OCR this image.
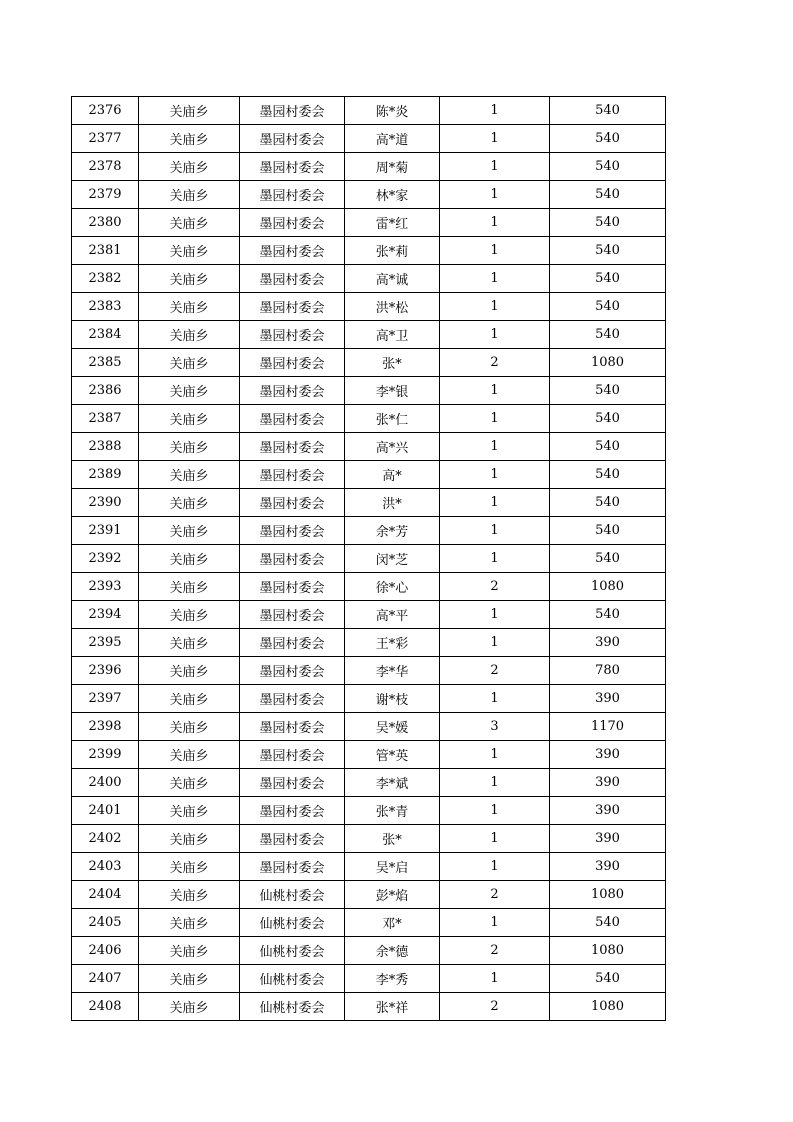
2376	关庙乡	墨园村委会	陈*炎	1	540
2377	关庙乡	墨园村委会	高*道	1	540
2378	关庙乡	墨园村委会	周*菊	1	540
2379	关庙乡	墨园村委会	林*家	1	540
2380	关庙乡	墨园村委会	雷*红	1	540
2381	关庙乡	墨园村委会	张*莉	1	540
2382	关庙乡	墨园村委会	高*诚	1	540
2383	关庙乡	墨园村委会	洪*松	1	540
2384	关庙乡	墨园村委会	高*卫	1	540
2385	关庙乡	墨园村委会	张*	2	1080
2386	关庙乡	墨园村委会	李*银	1	540
2387	关庙乡	墨园村委会	张*仁	1	540
2388	关庙乡	墨园村委会	高*兴	1	540
2389	关庙乡	墨园村委会	高*	1	540
2390	关庙乡	墨园村委会	洪*	1	540
2391	关庙乡	墨园村委会	余*芳	1	540
2392	关庙乡	墨园村委会	闵*芝	1	540
2393	关庙乡	墨园村委会	徐*心	2	1080
2394	关庙乡	墨园村委会	高*平	1	540
2395	关庙乡	墨园村委会	王*彩	1	390
2396	关庙乡	墨园村委会	李*华	2	780
2397	关庙乡	墨园村委会	谢*枝	1	390
2398	关庙乡	墨园村委会	吴*媛	3	1170
2399	关庙乡	墨园村委会	管*英	1	390
2400	关庙乡	墨园村委会	李*斌	1	390
2401	关庙乡	墨园村委会	张*青	1	390
2402	关庙乡	墨园村委会	张*	1	390
2403	关庙乡	墨园村委会	吴*启	1	390
2404	关庙乡	仙桃村委会	彭*焰	2	1080
2405	关庙乡	仙桃村委会	邓*	1	540
2406	关庙乡	仙桃村委会	余*德	2	1080
2407	关庙乡	仙桃村委会	李*秀	1	540
2408	关庙乡	仙桃村委会	张*祥	2	1080
